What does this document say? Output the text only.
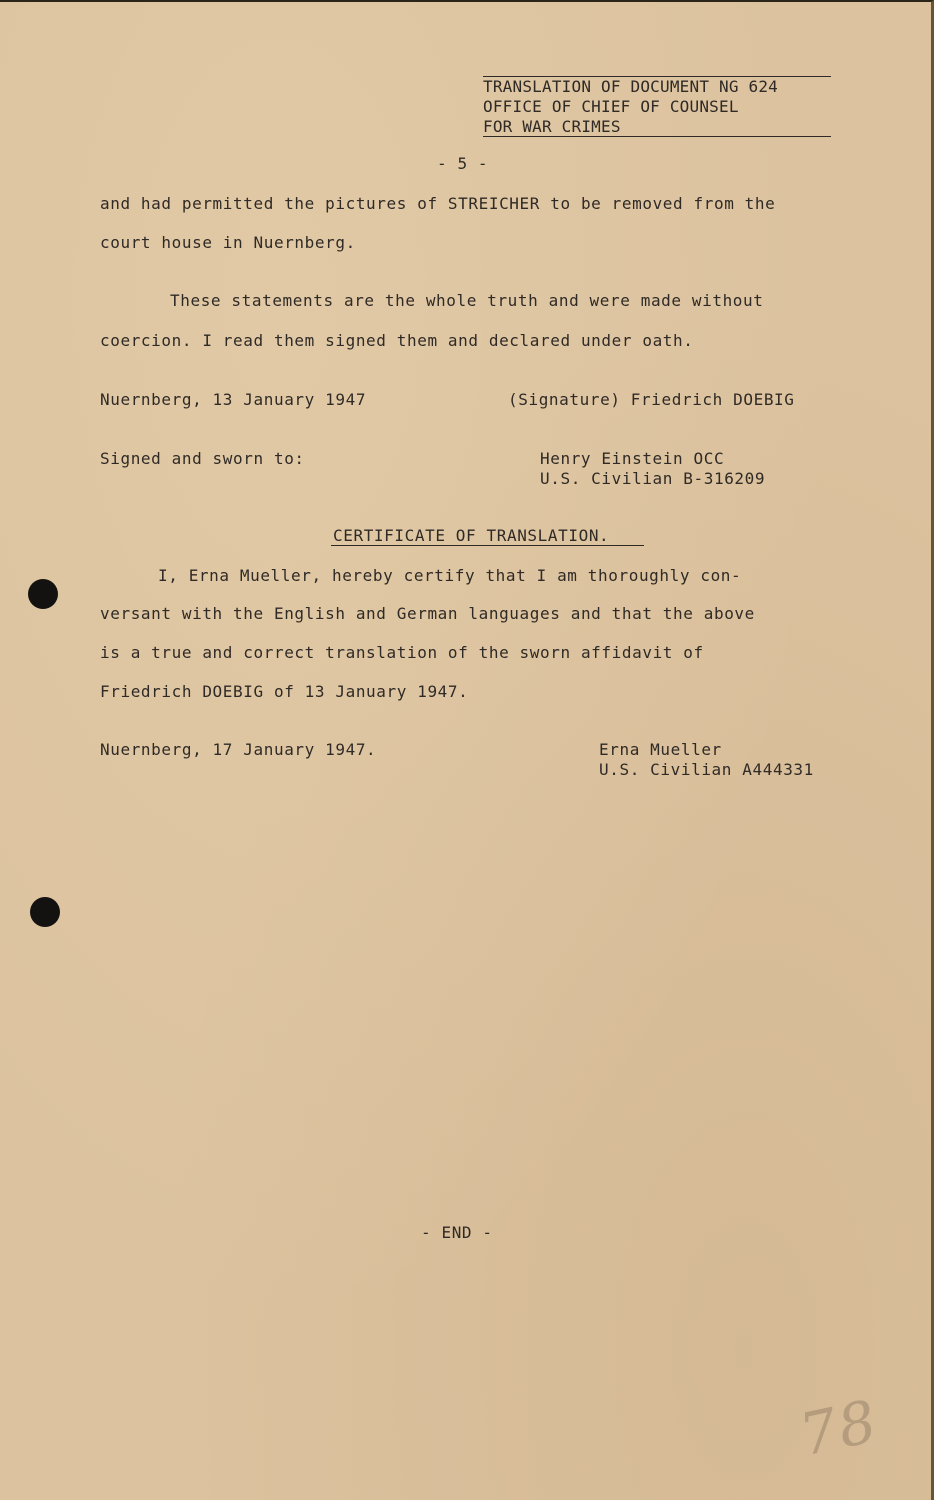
TRANSLATION OF DOCUMENT NG 624
OFFICE OF CHIEF OF COUNSEL
FOR WAR CRIMES
- 5 -
and had permitted the pictures of STREICHER to be removed from the
court house in Nuernberg.
These statements are the whole truth and were made without
coercion. I read them signed them and declared under oath.
Nuernberg, 13 January 1947	(Signature) Friedrich DOEBIG
Signed and sworn to:	Henry Einstein OCC
U.S. Civilian B-316209
CERTIFICATE OF TRANSLATION.
I, Erna Mueller, hereby certify that I am thoroughly con-
versant with the English and German languages and that the above
is a true and correct translation of the sworn affidavit of
Friedrich DOEBIG of 13 January 1947.
Nuernberg, 17 January 1947.	Erna Mueller
U.S. Civilian A444331
- END -
78
